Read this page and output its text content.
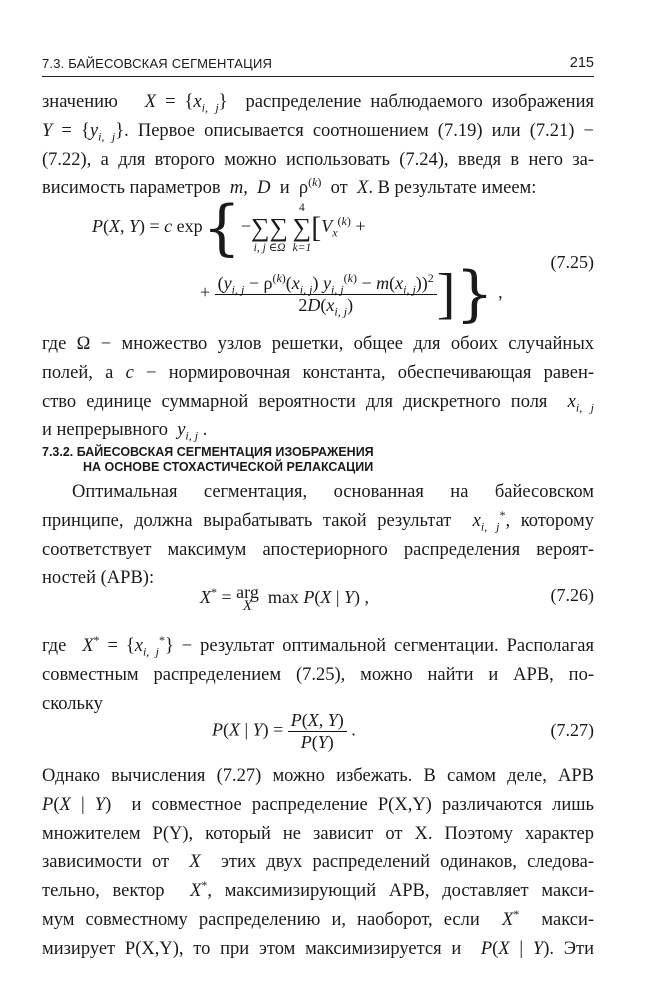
7.3. БАЙЕСОВСКАЯ СЕГМЕНТАЦИЯ	215

значению $X = \{x_{i, j}\}$  распределение наблюдаемого изображения

$Y = \{y_{i, j}\}$. Первое описывается соотношением (7.19) или (7.21) −

(7.22), а для второго можно использовать (7.24), введя в него за-

висимость параметров m,  D и  $\rho^{(k)}$ от X. В результате имеем:

P(X, Y) = c exp{−
∑∑
i, j ∈Ω

4
∑
k=1
[$V_x^{(k)}$ +
+ $\frac{(y_{i, j} - \rho^{(k)}(x_{i, j}) y_{i, j}^{(k)} - m(x_{i, j}))^2}{2D(x_{i, j})}$ ]} ,
(7.25)

где Ω − множество узлов решетки, общее для обоих случайных

полей, а c − нормировочная константа, обеспечивающая равен-

ство единице суммарной вероятности для дискретного поля $x_{i, j}$

и непрерывного $y_{i, j}$ .

7.3.2. БАЙЕСОВСКАЯ СЕГМЕНТАЦИЯ ИЗОБРАЖЕНИЯ
НА ОСНОВЕ СТОХАСТИЧЕСКОЙ РЕЛАКСАЦИИ

Оптимальная сегментация, основанная на байесовском

принципе, должна вырабатывать такой результат $x_{i, j}^*$, которому

соответствует максимум апостериорного распределения вероят-

ностей (АРВ):

X* = arg
X max P(X | Y) ,	(7.26)

где $X^* = \{x_{i, j}^*\}$ − результат оптимальной сегментации. Располагая

совместным распределением (7.25), можно найти и АРВ, по-

скольку

P(X | $Y) = \frac{P(X, Y)}{P(Y)}$ .	(7.27)

Однако вычисления (7.27) можно избежать. В самом деле, АРВ

P(X | Y)  и совместное распределение P(X,Y) различаются лишь

множителем P(Y), который не зависит от X. Поэтому характер

зависимости от X этих двух распределений одинаков, следова-

тельно, вектор X*, максимизирующий АРВ, доставляет макси-

мум совместному распределению и, наоборот, если X* макси-

мизирует P(X,Y), то при этом максимизируется и P(X | Y). Эти
